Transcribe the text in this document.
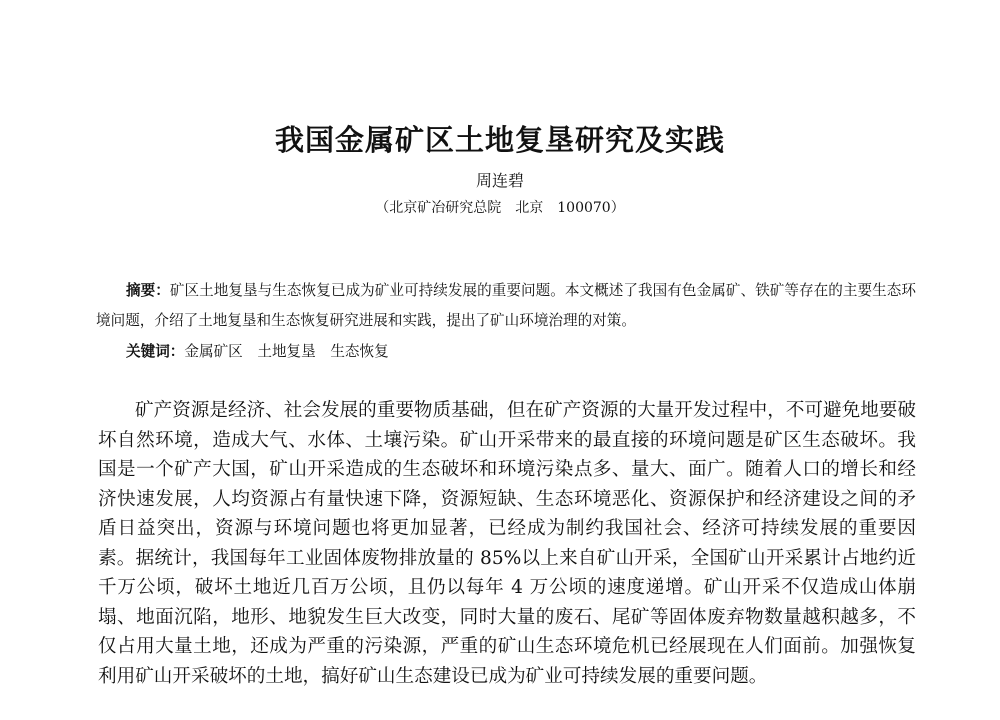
我国金属矿区土地复垦研究及实践

周连碧

（北京矿冶研究总院　北京　100070）

摘要：矿区土地复垦与生态恢复已成为矿业可持续发展的重要问题。本文概述了我国有色金属矿、铁矿等存在的主要生态环境问题，介绍了土地复垦和生态恢复研究进展和实践，提出了矿山环境治理的对策。

关键词：金属矿区　土地复垦　生态恢复

矿产资源是经济、社会发展的重要物质基础，但在矿产资源的大量开发过程中，不可避免地要破坏自然环境，造成大气、水体、土壤污染。矿山开采带来的最直接的环境问题是矿区生态破坏。我国是一个矿产大国，矿山开采造成的生态破坏和环境污染点多、量大、面广。随着人口的增长和经济快速发展，人均资源占有量快速下降，资源短缺、生态环境恶化、资源保护和经济建设之间的矛盾日益突出，资源与环境问题也将更加显著，已经成为制约我国社会、经济可持续发展的重要因素。据统计，我国每年工业固体废物排放量的 85%以上来自矿山开采，全国矿山开采累计占地约近千万公顷，破坏土地近几百万公顷，且仍以每年 4 万公顷的速度递增。矿山开采不仅造成山体崩塌、地面沉陷，地形、地貌发生巨大改变，同时大量的废石、尾矿等固体废弃物数量越积越多，不仅占用大量土地，还成为严重的污染源，严重的矿山生态环境危机已经展现在人们面前。加强恢复利用矿山开采破坏的土地，搞好矿山生态建设已成为矿业可持续发展的重要问题。
